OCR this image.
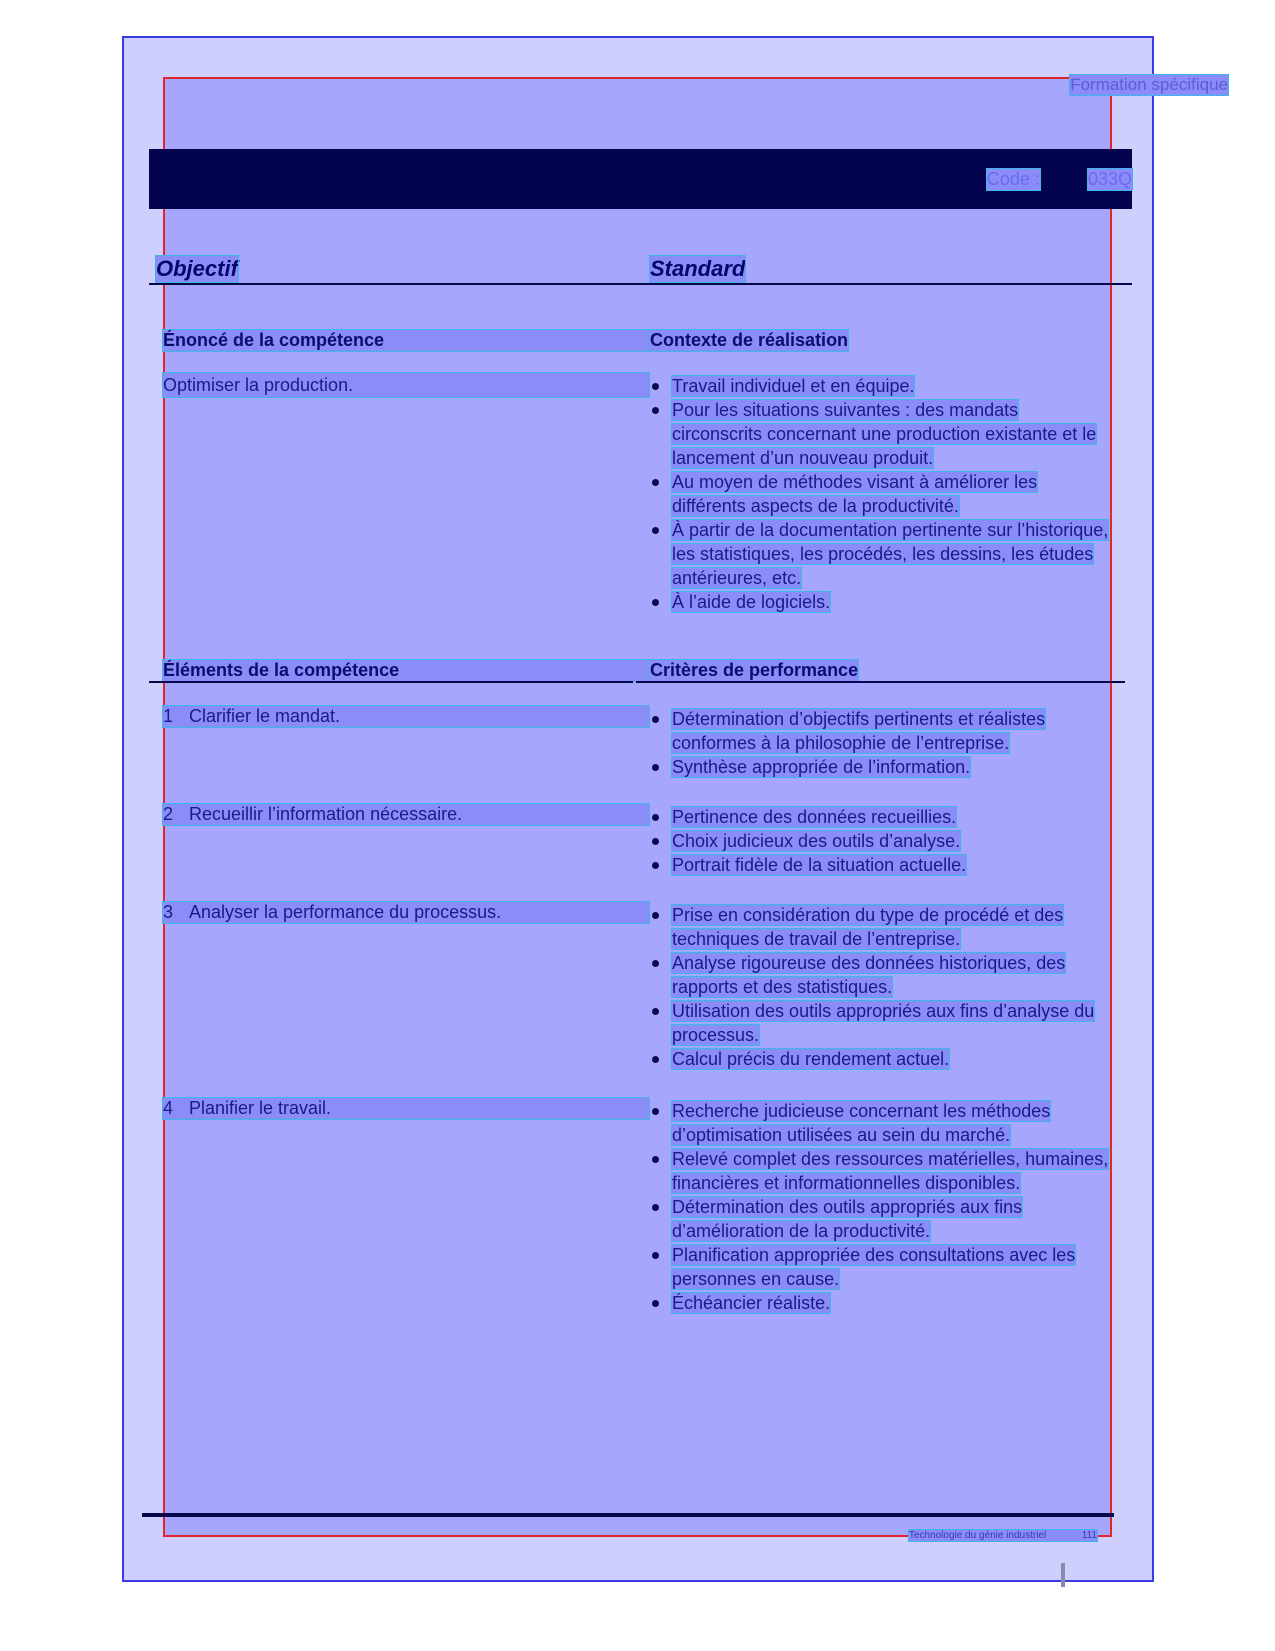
Formation spécifique
Code :	033Q
Objectif	Standard
Énoncé de la compétence	Contexte de réalisation
Optimiser la production.	Travail individuel et en équipe.
Pour les situations suivantes : des mandats circonscrits concernant une production existante et le lancement d’un nouveau produit.
Au moyen de méthodes visant à améliorer les différents aspects de la productivité.
À partir de la documentation pertinente sur l’historique, les statistiques, les procédés, les dessins, les études antérieures, etc.
À l’aide de logiciels.
Éléments de la compétence	Critères de performance
1 Clarifier le mandat.	Détermination d’objectifs pertinents et réalistes conformes à la philosophie de l’entreprise.
Synthèse appropriée de l’information.
2 Recueillir l’information nécessaire.	Pertinence des données recueillies.
Choix judicieux des outils d’analyse.
Portrait fidèle de la situation actuelle.
3 Analyser la performance du processus.	Prise en considération du type de procédé et des techniques de travail de l’entreprise.
Analyse rigoureuse des données historiques, des rapports et des statistiques.
Utilisation des outils appropriés aux fins d’analyse du processus.
Calcul précis du rendement actuel.
4 Planifier le travail.	Recherche judicieuse concernant les méthodes d’optimisation utilisées au sein du marché.
Relevé complet des ressources matérielles, humaines, financières et informationnelles disponibles.
Détermination des outils appropriés aux fins d’amélioration de la productivité.
Planification appropriée des consultations avec les personnes en cause.
Échéancier réaliste.
Technologie du génie industriel	111
